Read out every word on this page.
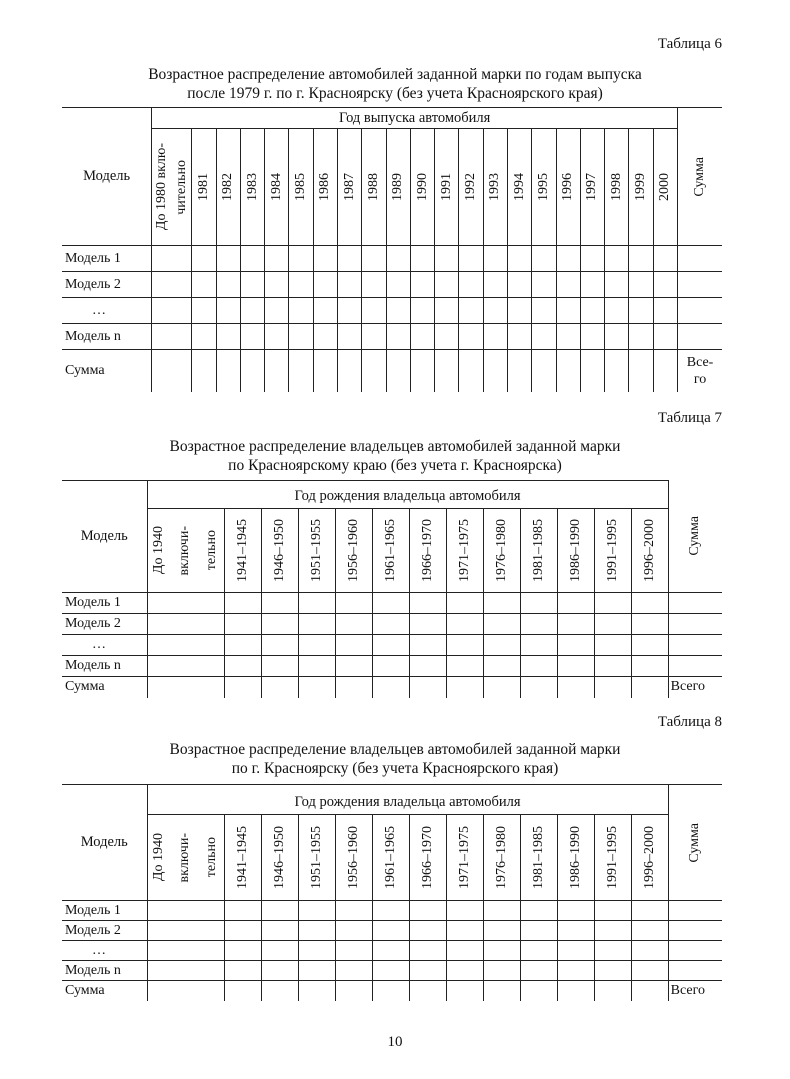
Таблица 6
Возрастное распределение автомобилей заданной марки по годам выпуска
после 1979 г. по г. Красноярску (без учета Красноярского края)
Модель	Год выпуска автомобиля																					Сумма

	До 1980 вклю- чительно	1981	1982	1983	1984	1985	1986	1987	1988	1989	1990	1991	1992	1993	1994	1995	1996	1997	1998	1999	2000	

Модель 1																						
Модель 2																						
…																						
Модель n																						
Сумма																						Все-
го
Таблица 7
Возрастное распределение владельцев автомобилей заданной марки
по Красноярскому краю (без учета г. Красноярска)
Модель	Год рождения владельца автомобиля													Сумма

	До 1940 включи- тельно	1941–1945	1946–1950	1951–1955	1956–1960	1961–1965	1966–1970	1971–1975	1976–1980	1981–1985	1986–1990	1991–1995	1996–2000	

Модель 1														
Модель 2														
…														
Модель n														
Сумма														Всего
Таблица 8
Возрастное распределение владельцев автомобилей заданной марки
по г. Красноярску (без учета Красноярского края)
Модель	Год рождения владельца автомобиля													Сумма

	До 1940 включи- тельно	1941–1945	1946–1950	1951–1955	1956–1960	1961–1965	1966–1970	1971–1975	1976–1980	1981–1985	1986–1990	1991–1995	1996–2000	

Модель 1														
Модель 2														
…														
Модель n														
Сумма														Всего
10
